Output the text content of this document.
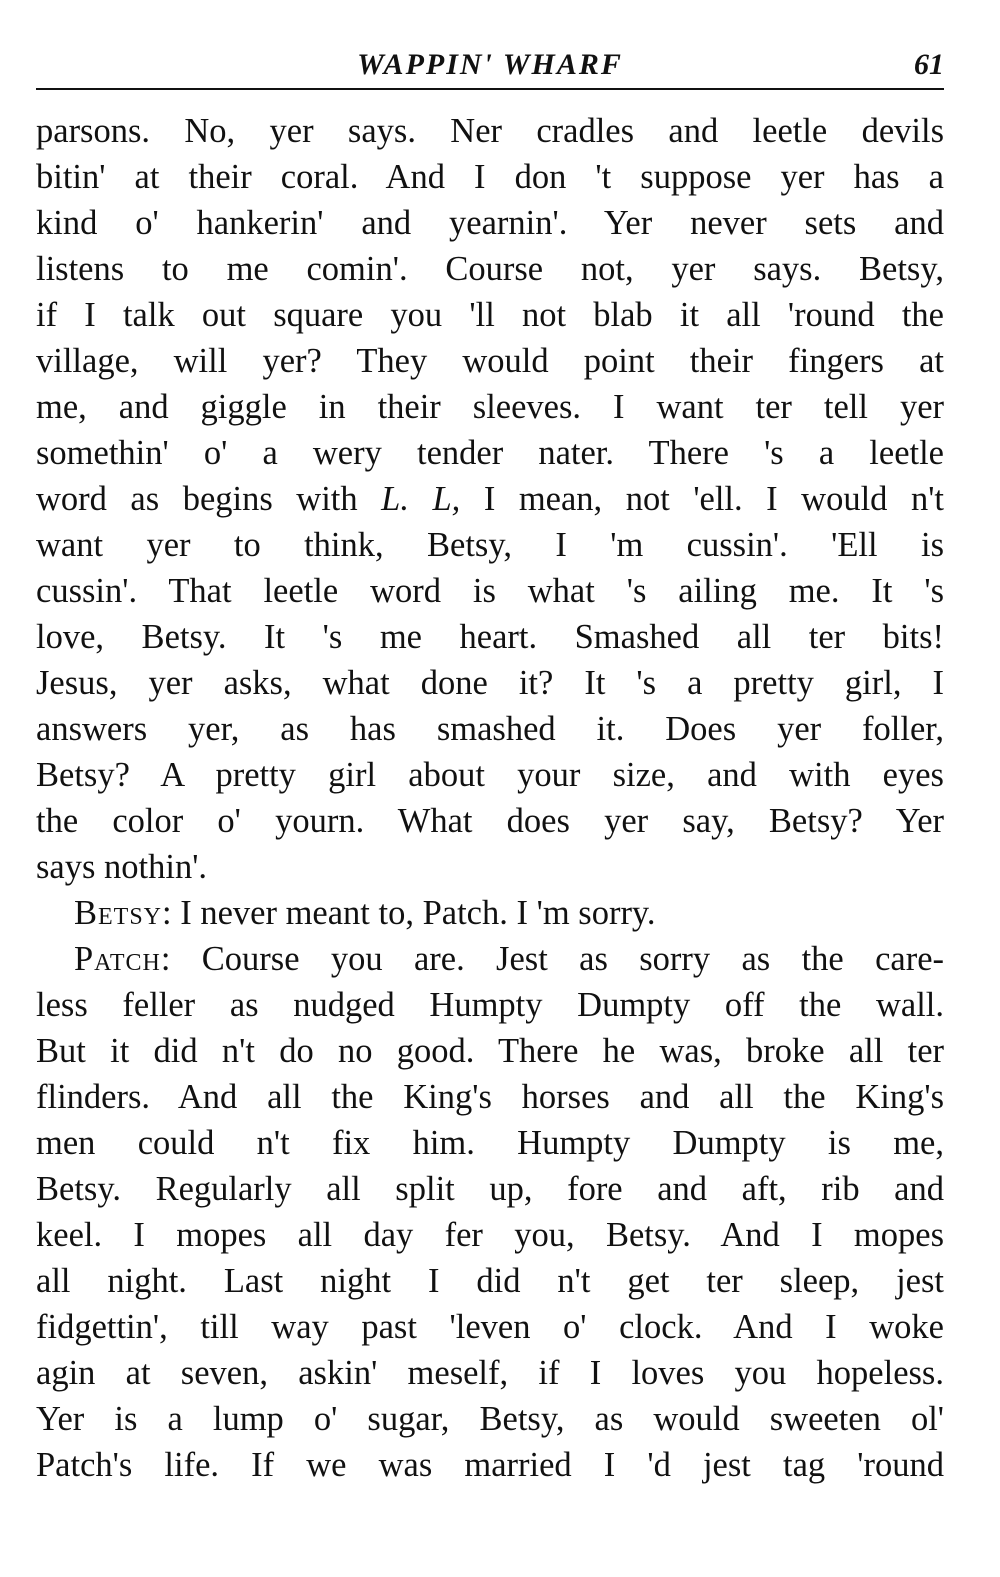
WAPPIN' WHARF	61
parsons. No, yer says. Ner cradles and leetle devils
bitin' at their coral. And I don 't suppose yer has a
kind o' hankerin' and yearnin'. Yer never sets and
listens to me comin'. Course not, yer says. Betsy,
if I talk out square you 'll not blab it all 'round the
village, will yer? They would point their fingers at
me, and giggle in their sleeves. I want ter tell yer
somethin' o' a wery tender nater. There 's a leetle
word as begins with L. L, I mean, not 'ell. I would n't
want yer to think, Betsy, I 'm cussin'. 'Ell is
cussin'. That leetle word is what 's ailing me. It 's
love, Betsy. It 's me heart. Smashed all ter bits!
Jesus, yer asks, what done it? It 's a pretty girl, I
answers yer, as has smashed it. Does yer foller,
Betsy? A pretty girl about your size, and with eyes
the color o' yourn. What does yer say, Betsy? Yer
says nothin'.
Betsy: I never meant to, Patch. I 'm sorry.
Patch: Course you are. Jest as sorry as the care-
less feller as nudged Humpty Dumpty off the wall.
But it did n't do no good. There he was, broke all ter
flinders. And all the King's horses and all the King's
men could n't fix him. Humpty Dumpty is me,
Betsy. Regularly all split up, fore and aft, rib and
keel. I mopes all day fer you, Betsy. And I mopes
all night. Last night I did n't get ter sleep, jest
fidgettin', till way past 'leven o' clock. And I woke
agin at seven, askin' meself, if I loves you hopeless.
Yer is a lump o' sugar, Betsy, as would sweeten ol'
Patch's life. If we was married I 'd jest tag 'round
